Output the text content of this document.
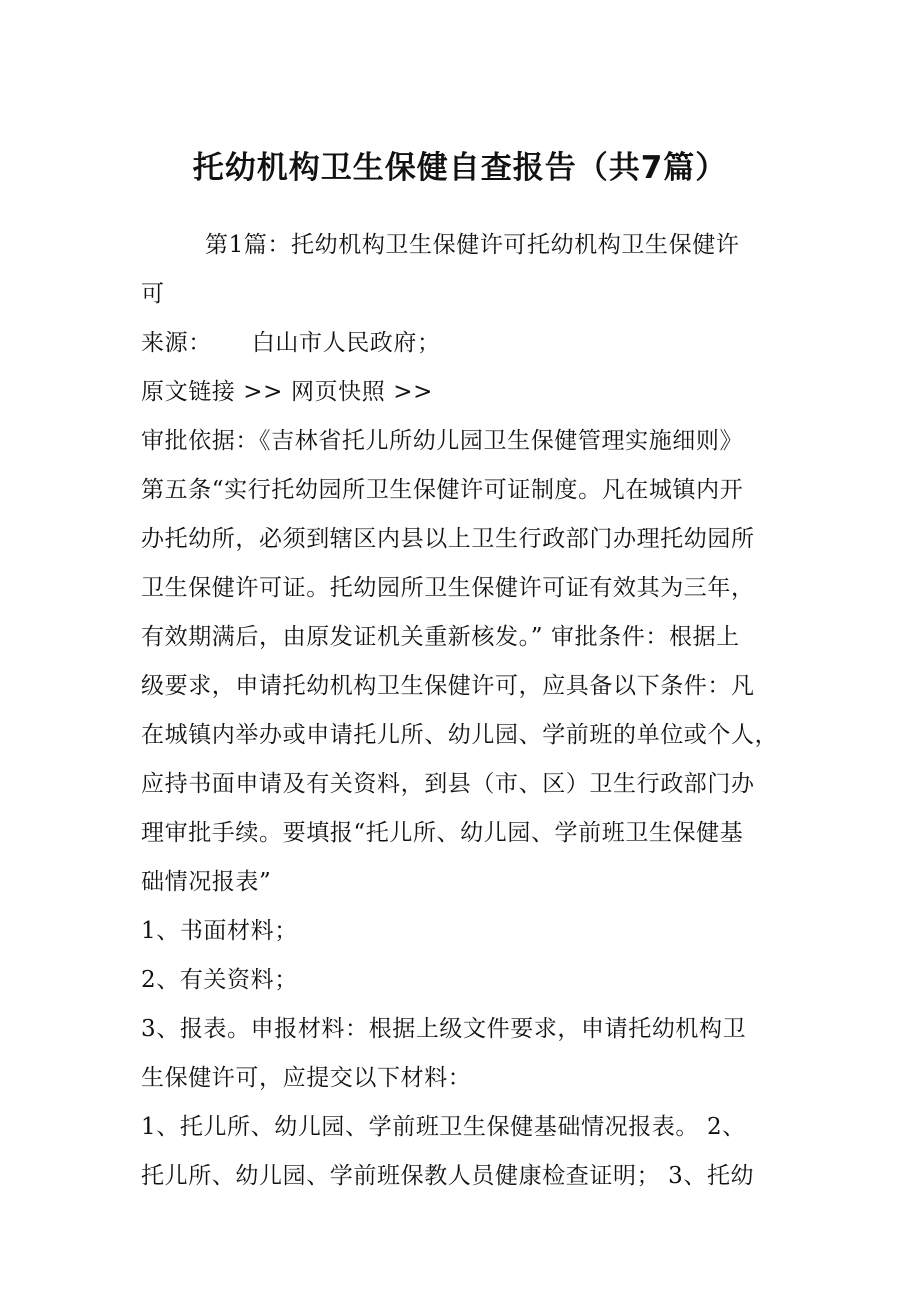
托幼机构卫生保健自查报告（共7篇）
第1篇：托幼机构卫生保健许可托幼机构卫生保健许
可
来源： 白山市人民政府；
原文链接 >> 网页快照 >>
审批依据：《吉林省托儿所幼儿园卫生保健管理实施细则》
第五条“实行托幼园所卫生保健许可证制度。凡在城镇内开
办托幼所，必须到辖区内县以上卫生行政部门办理托幼园所
卫生保健许可证。托幼园所卫生保健许可证有效其为三年，
有效期满后，由原发证机关重新核发。” 审批条件：根据上
级要求，申请托幼机构卫生保健许可，应具备以下条件：凡
在城镇内举办或申请托儿所、幼儿园、学前班的单位或个人，
应持书面申请及有关资料，到县（市、区）卫生行政部门办
理审批手续。要填报“托儿所、幼儿园、学前班卫生保健基
础情况报表”
1、书面材料；
2、有关资料；
3、报表。申报材料：根据上级文件要求，申请托幼机构卫
生保健许可，应提交以下材料：
1、托儿所、幼儿园、学前班卫生保健基础情况报表。 2、
托儿所、幼儿园、学前班保教人员健康检查证明； 3、托幼
